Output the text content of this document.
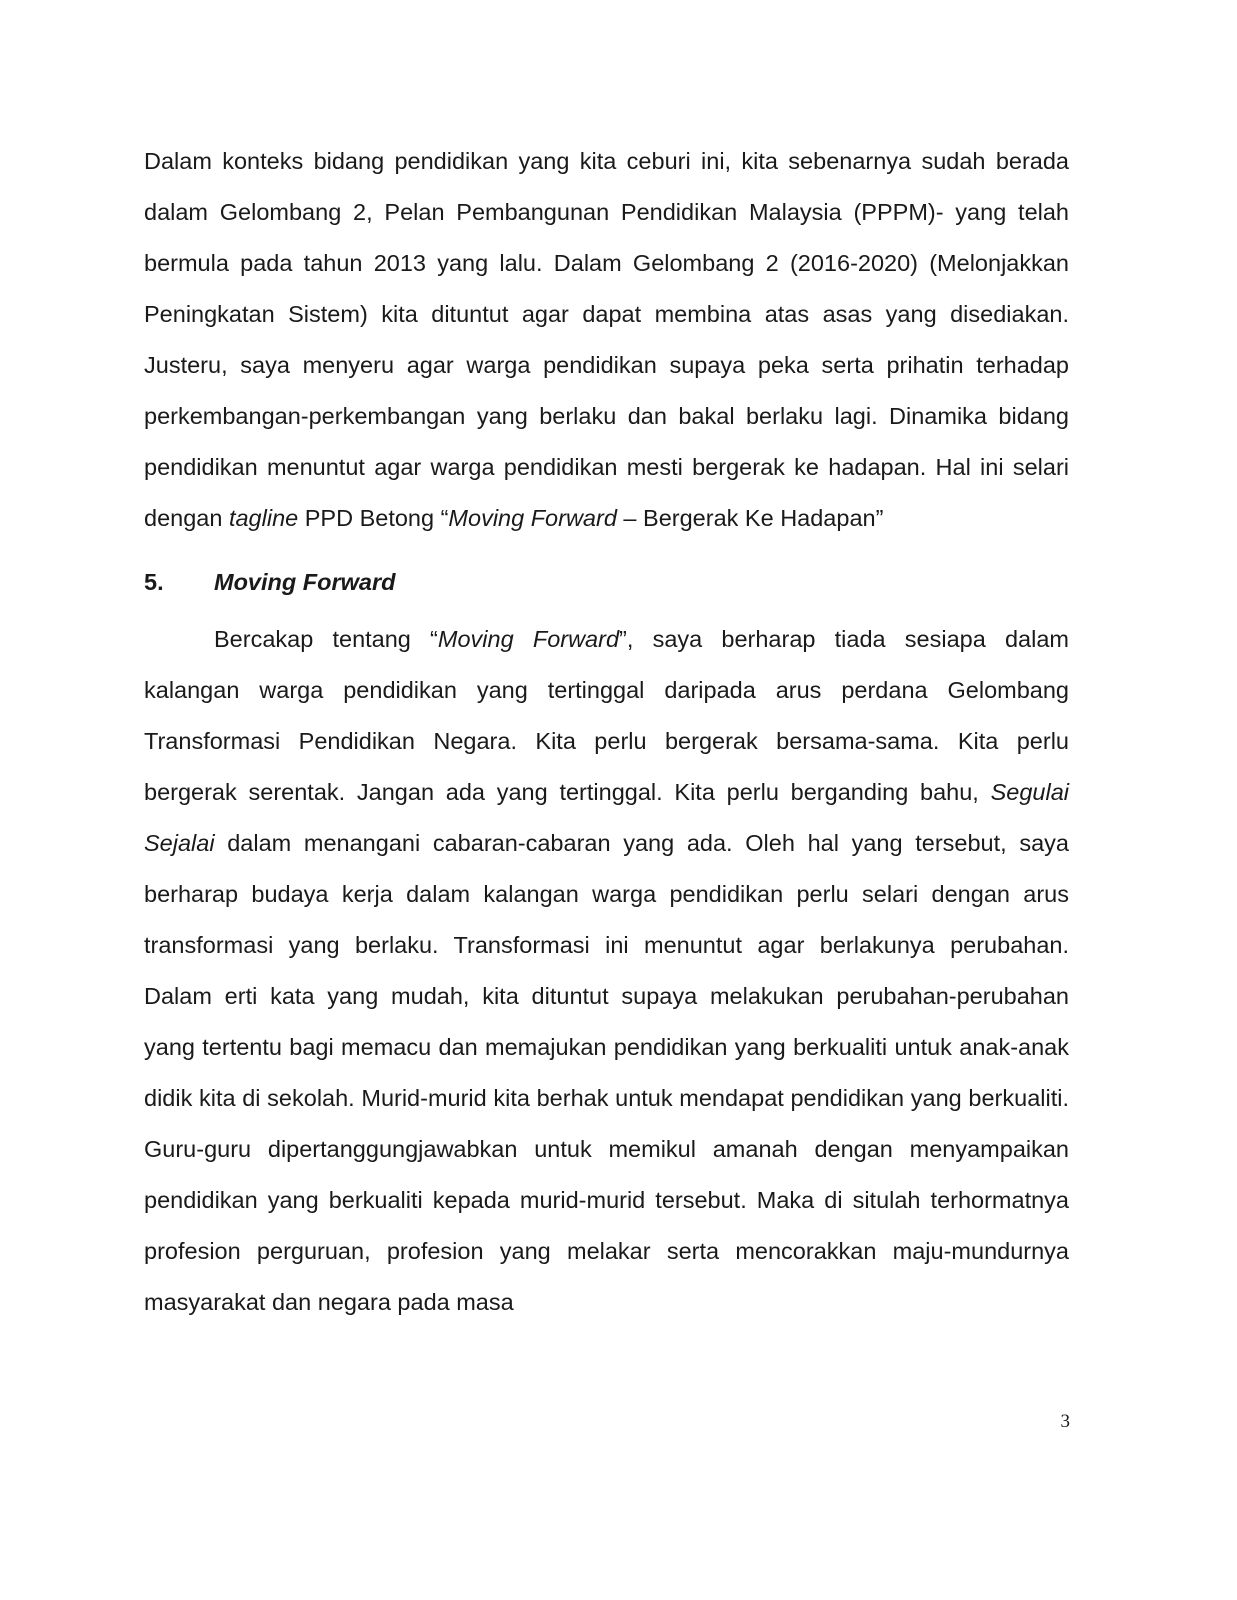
Dalam konteks bidang pendidikan yang kita ceburi ini, kita sebenarnya sudah berada dalam Gelombang 2, Pelan Pembangunan Pendidikan Malaysia (PPPM)- yang telah bermula pada tahun 2013 yang lalu. Dalam Gelombang 2 (2016-2020) (Melonjakkan Peningkatan Sistem) kita dituntut agar dapat membina atas asas yang disediakan. Justeru, saya menyeru agar warga pendidikan supaya peka serta prihatin terhadap perkembangan-perkembangan yang berlaku dan bakal berlaku lagi. Dinamika bidang pendidikan menuntut agar warga pendidikan mesti bergerak ke hadapan. Hal ini selari dengan tagline PPD Betong “Moving Forward – Bergerak Ke Hadapan”

5.	Moving Forward

Bercakap tentang “Moving Forward”, saya berharap tiada sesiapa dalam kalangan warga pendidikan yang tertinggal daripada arus perdana Gelombang Transformasi Pendidikan Negara. Kita perlu bergerak bersama-sama. Kita perlu bergerak serentak. Jangan ada yang tertinggal. Kita perlu berganding bahu, Segulai Sejalai dalam menangani cabaran-cabaran yang ada. Oleh hal yang tersebut, saya berharap budaya kerja dalam kalangan warga pendidikan perlu selari dengan arus transformasi yang berlaku. Transformasi ini menuntut agar berlakunya perubahan. Dalam erti kata yang mudah, kita dituntut supaya melakukan perubahan-perubahan yang tertentu bagi memacu dan memajukan pendidikan yang berkualiti untuk anak-anak didik kita di sekolah. Murid-murid kita berhak untuk mendapat pendidikan yang berkualiti. Guru-guru dipertanggungjawabkan untuk memikul amanah dengan menyampaikan pendidikan yang berkualiti kepada murid-murid tersebut. Maka di situlah terhormatnya profesion perguruan, profesion yang melakar serta mencorakkan maju-mundurnya masyarakat dan negara pada masa

3
